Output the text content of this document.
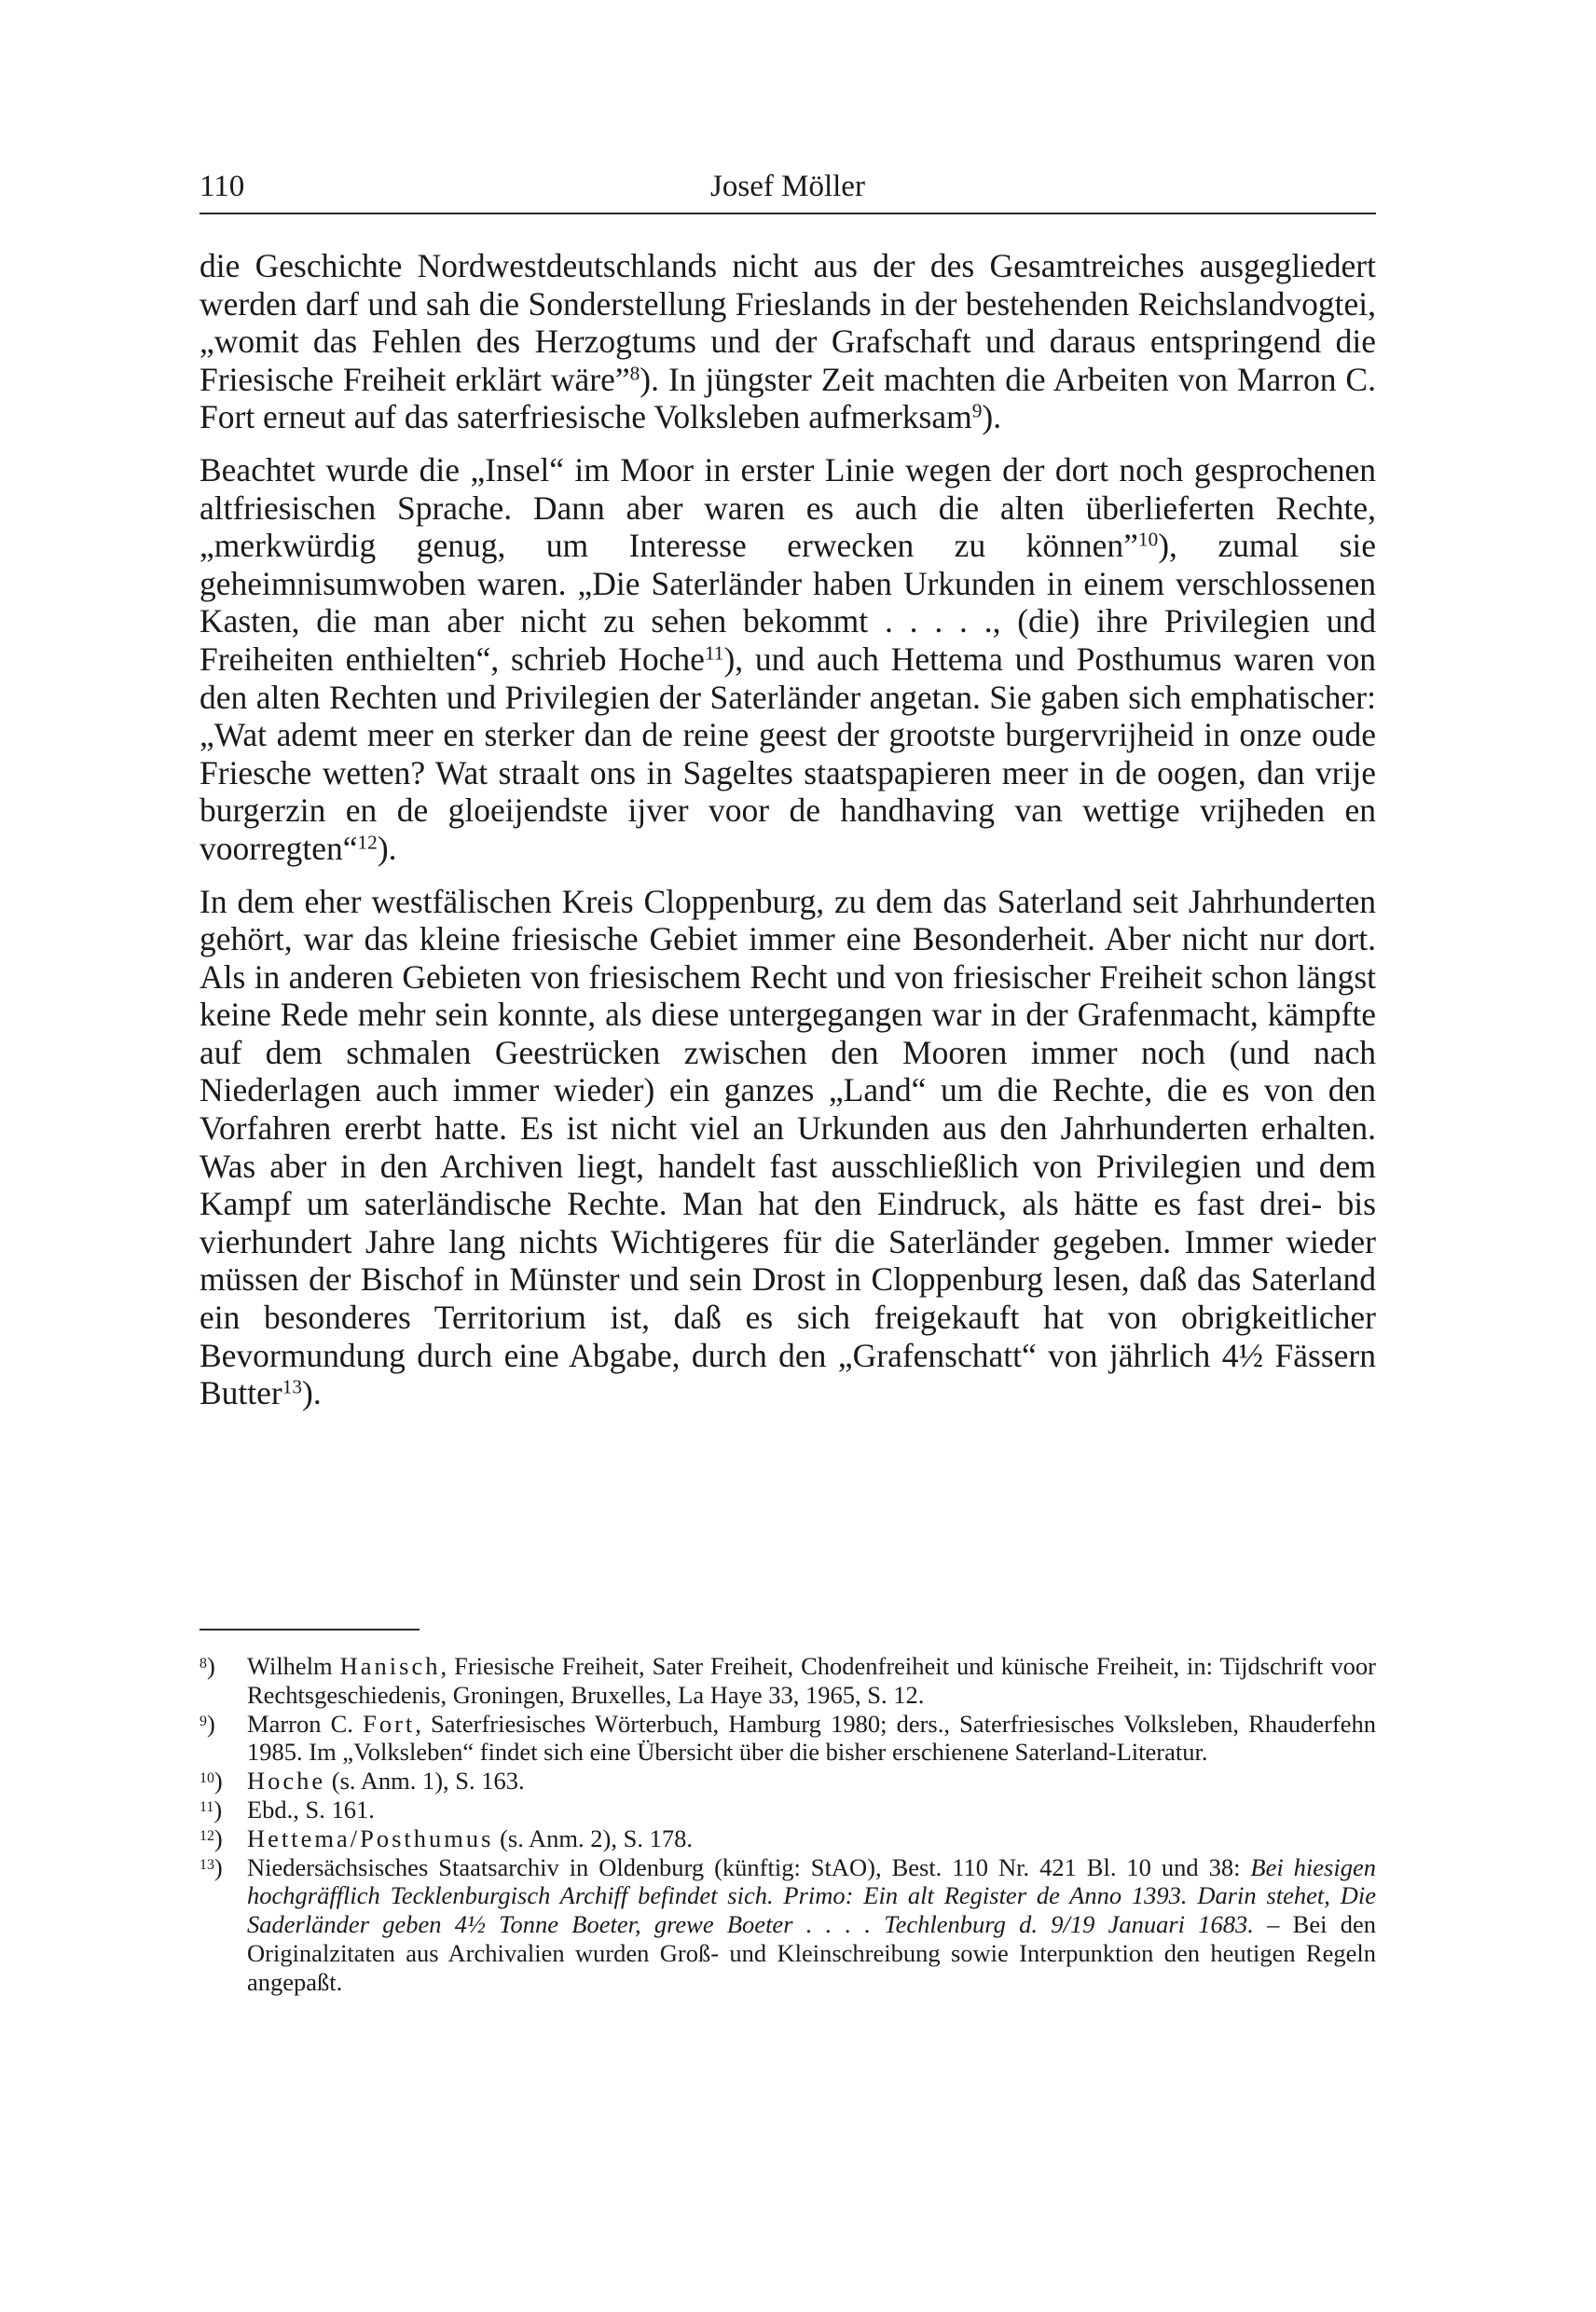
110	Josef Möller

die Geschichte Nordwestdeutschlands nicht aus der des Gesamtreiches ausgegliedert werden darf und sah die Sonderstellung Frieslands in der bestehenden Reichslandvogtei, „womit das Fehlen des Herzogtums und der Grafschaft und daraus entspringend die Friesische Freiheit erklärt wäre”$^8$). In jüngster Zeit machten die Arbeiten von Marron C. Fort erneut auf das saterfriesische Volksleben aufmerksam$^9$).

Beachtet wurde die „Insel“ im Moor in erster Linie wegen der dort noch gesprochenen altfriesischen Sprache. Dann aber waren es auch die alten überlieferten Rechte, „merkwürdig genug, um Interesse erwecken zu können”$^{10}$), zumal sie geheimnisumwoben waren. „Die Saterländer haben Urkunden in einem verschlossenen Kasten, die man aber nicht zu sehen bekommt . . . . ., (die) ihre Privilegien und Freiheiten enthielten“, schrieb Hoche$^{11}$), und auch Hettema und Posthumus waren von den alten Rechten und Privilegien der Saterländer angetan. Sie gaben sich emphatischer: „Wat ademt meer en sterker dan de reine geest der grootste burgervrijheid in onze oude Friesche wetten? Wat straalt ons in Sageltes staatspapieren meer in de oogen, dan vrije burgerzin en de gloeijendste ijver voor de handhaving van wettige vrijheden en voorregten“$^{12}$).

In dem eher westfälischen Kreis Cloppenburg, zu dem das Saterland seit Jahrhunderten gehört, war das kleine friesische Gebiet immer eine Besonderheit. Aber nicht nur dort. Als in anderen Gebieten von friesischem Recht und von friesischer Freiheit schon längst keine Rede mehr sein konnte, als diese untergegangen war in der Grafenmacht, kämpfte auf dem schmalen Geestrücken zwischen den Mooren immer noch (und nach Niederlagen auch immer wieder) ein ganzes „Land“ um die Rechte, die es von den Vorfahren ererbt hatte. Es ist nicht viel an Urkunden aus den Jahrhunderten erhalten. Was aber in den Archiven liegt, handelt fast ausschließlich von Privilegien und dem Kampf um saterländische Rechte. Man hat den Eindruck, als hätte es fast drei- bis vierhundert Jahre lang nichts Wichtigeres für die Saterländer gegeben. Immer wieder müssen der Bischof in Münster und sein Drost in Cloppenburg lesen, daß das Saterland ein besonderes Territorium ist, daß es sich freigekauft hat von obrigkeitlicher Bevormundung durch eine Abgabe, durch den „Grafenschatt“ von jährlich 4½ Fässern Butter$^{13}$).

$^8$) Wilhelm Hanisch, Friesische Freiheit, Sater Freiheit, Chodenfreiheit und künische Freiheit, in: Tijdschrift voor Rechtsgeschiedenis, Groningen, Bruxelles, La Haye 33, 1965, S. 12.

$^9$) Marron C. Fort, Saterfriesisches Wörterbuch, Hamburg 1980; ders., Saterfriesisches Volksleben, Rhauderfehn 1985. Im „Volksleben“ findet sich eine Übersicht über die bisher erschienene Saterland-Literatur.

$^{10}$) Hoche (s. Anm. 1), S. 163.

$^{11}$) Ebd., S. 161.

$^{12}$) Hettema/Posthumus (s. Anm. 2), S. 178.

$^{13}$) Niedersächsisches Staatsarchiv in Oldenburg (künftig: StAO), Best. 110 Nr. 421 Bl. 10 und 38: Bei hiesigen hochgräfflich Tecklenburgisch Archiff befindet sich. Primo: Ein alt Register de Anno 1393. Darin stehet, Die Saderländer geben 4½ Tonne Boeter, grewe Boeter . . . . Techlenburg d. 9/19 Januari 1683. – Bei den Originalzitaten aus Archivalien wurden Groß- und Kleinschreibung sowie Interpunktion den heutigen Regeln angepaßt.
